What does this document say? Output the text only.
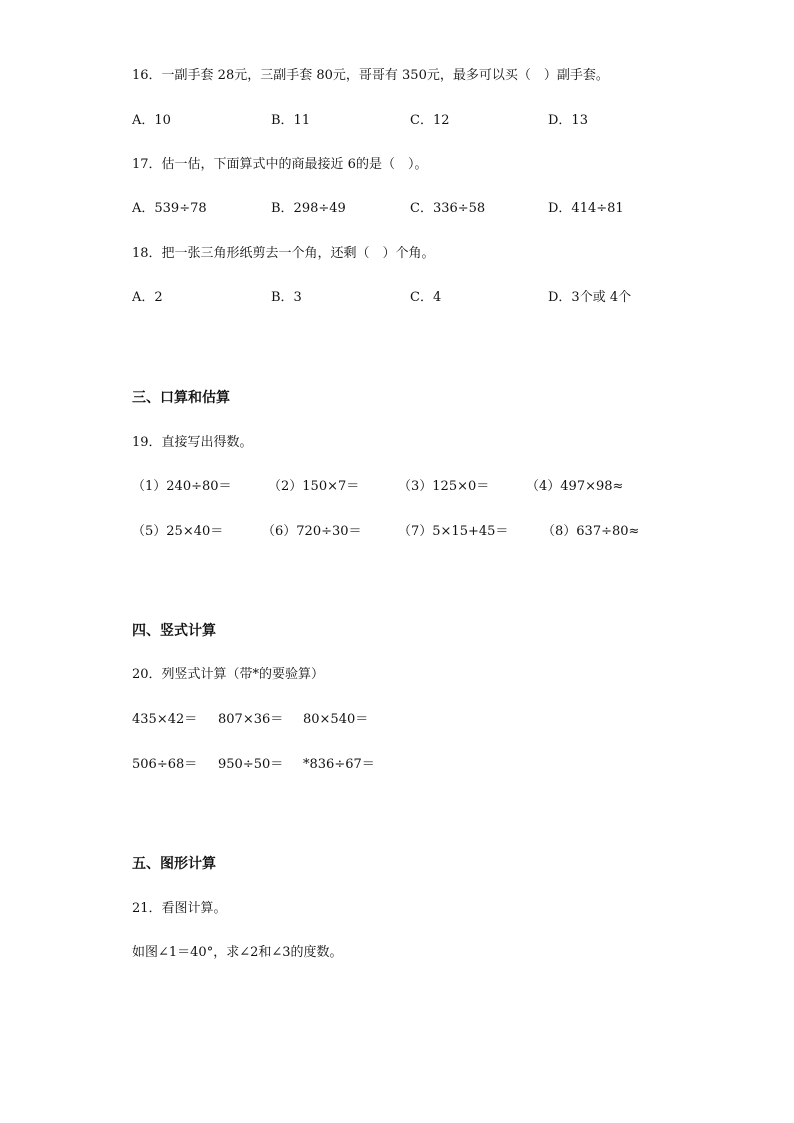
16．一副手套 28元，三副手套 80元，哥哥有 350元，最多可以买（　）副手套。
A．10	B．11	C．12	D．13
17．估一估，下面算式中的商最接近 6的是（　）。
A．539÷78	B．298÷49	C．336÷58	D．414÷81
18．把一张三角形纸剪去一个角，还剩（　）个角。
A．2	B．3	C．4	D．3个或 4个
三、口算和估算
19．直接写出得数。
（1）240÷80＝	（2）150×7＝	（3）125×0＝	（4）497×98≈
（5）25×40＝	（6）720÷30＝	（7）5×15+45＝	（8）637÷80≈
四、竖式计算
20．列竖式计算（带*的要验算）
435×42＝ 807×36＝ 80×540＝
506÷68＝ 950÷50＝ *836÷67＝
五、图形计算
21．看图计算。
如图∠1＝40°，求∠2和∠3的度数。
